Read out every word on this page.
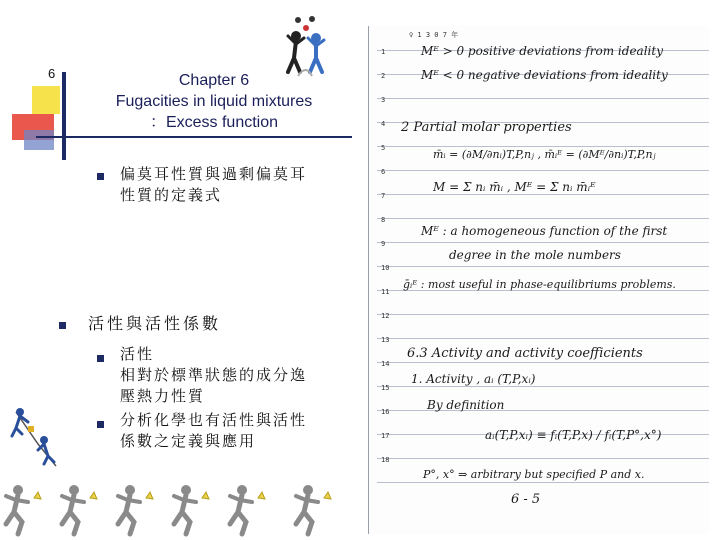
6	Chapter 6
Fugacities in liquid mixtures
：Excess function
偏莫耳性質與過剩偏莫耳
性質的定義式
活性與活性係數
活性
相對於標準狀態的成分逸
壓熱力性質
分析化學也有活性與活性
係數之定義與應用
♀ 1 3 0 7 年
1
2
3
4
5
6
7
8
9
10
11
12
13
14
15
16
17
18
Mᴱ > 0 positive deviations from ideality
Mᴱ < 0 negative deviations from ideality
2 Partial molar properties
m̄ᵢ = (∂M/∂nᵢ)T,P,nⱼ , m̄ᵢᴱ = (∂Mᴱ/∂nᵢ)T,P,nⱼ
M = Σ nᵢ m̄ᵢ , Mᴱ = Σ nᵢ m̄ᵢᴱ
Mᴱ : a homogeneous function of the first
degree in the mole numbers
ḡᵢᴱ : most useful in phase-equilibriums problems.
6.3 Activity and activity coefficients
1. Activity , aᵢ (T,P,xᵢ)
By definition
aᵢ(T,P,xᵢ) ≡ fᵢ(T,P,x) / fᵢ(T,P°,x°)
P°, x° ⇒ arbitrary but specified P and x.
6 - 5
